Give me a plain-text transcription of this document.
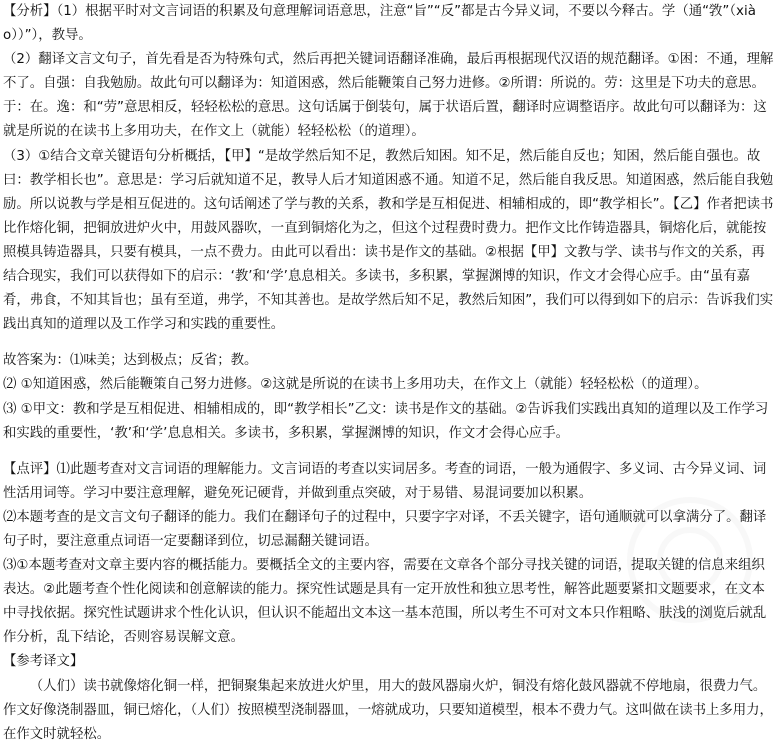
【分析】（1）根据平时对文言词语的积累及句意理解词语意思，注意“旨”“反”都是古今异义词，不要以今释古。学（通“敩”（xiào））”），教导。

（2）翻译文言文句子，首先看是否为特殊句式，然后再把关键词语翻译准确，最后再根据现代汉语的规范翻译。①困：不通，理解不了。自强：自我勉励。故此句可以翻译为：知道困惑，然后能鞭策自己努力进修。②所谓：所说的。劳：这里是下功夫的意思。于：在。逸：和“劳”意思相反，轻轻松松的意思。这句话属于倒装句，属于状语后置，翻译时应调整语序。故此句可以翻译为：这就是所说的在读书上多用功夫，在作文上（就能）轻轻松松（的道理）。

（3）①结合文章关键语句分析概括，【甲】“是故学然后知不足，教然后知困。知不足，然后能自反也；知困，然后能自强也。故曰：教学相长也”。意思是：学习后就知道不足，教导人后才知道困惑不通。知道不足，然后能自我反思。知道困惑，然后能自我勉励。所以说教与学是相互促进的。这句话阐述了学与教的关系，教和学是互相促进、相辅相成的，即“教学相长”。【乙】作者把读书比作熔化铜，把铜放进炉火中，用鼓风器吹，一直到铜熔化为之，但这个过程费时费力。把作文比作铸造器具，铜熔化后，就能按照模具铸造器具，只要有模具，一点不费力。由此可以看出：读书是作文的基础。②根据【甲】文教与学、读书与作文的关系，再结合现实，我们可以获得如下的启示：‘教’和‘学’息息相关。多读书，多积累，掌握渊博的知识，作文才会得心应手。由“虽有嘉肴，弗食，不知其旨也；虽有至道，弗学，不知其善也。是故学然后知不足，教然后知困”，我们可以得到如下的启示：告诉我们实践出真知的道理以及工作学习和实践的重要性。

故答案为：⑴味美；达到极点；反省；教。

⑵ ①知道困惑，然后能鞭策自己努力进修。②这就是所说的在读书上多用功夫，在作文上（就能）轻轻松松（的道理）。

⑶ ①甲文：教和学是互相促进、相辅相成的，即“教学相长”乙文：读书是作文的基础。②告诉我们实践出真知的道理以及工作学习和实践的重要性，‘教’和‘学’息息相关。多读书，多积累，掌握渊博的知识，作文才会得心应手。

【点评】⑴此题考查对文言词语的理解能力。文言词语的考查以实词居多。考查的词语，一般为通假字、多义词、古今异义词、词性活用词等。学习中要注意理解，避免死记硬背，并做到重点突破，对于易错、易混词要加以积累。

⑵本题考查的是文言文句子翻译的能力。我们在翻译句子的过程中，只要字字对译，不丢关键字，语句通顺就可以拿满分了。翻译句子时，要注意重点词语一定要翻译到位，切忌漏翻关键词语。

⑶①本题考查对文章主要内容的概括能力。要概括全文的主要内容，需要在文章各个部分寻找关键的词语，提取关键的信息来组织表达。②此题考查个性化阅读和创意解读的能力。探究性试题是具有一定开放性和独立思考性，解答此题要紧扣文题要求，在文本中寻找依据。探究性试题讲求个性化认识，但认识不能超出文本这一基本范围，所以考生不可对文本只作粗略、肤浅的浏览后就乱作分析，乱下结论，否则容易误解文意。

【参考译文】

（人们）读书就像熔化铜一样，把铜聚集起来放进火炉里，用大的鼓风器扇火炉，铜没有熔化鼓风器就不停地扇，很费力气。作文好像浇制器皿，铜已熔化，（人们）按照模型浇制器皿，一熔就成功，只要知道模型，根本不费力气。这叫做在读书上多用力，在作文时就轻松。
